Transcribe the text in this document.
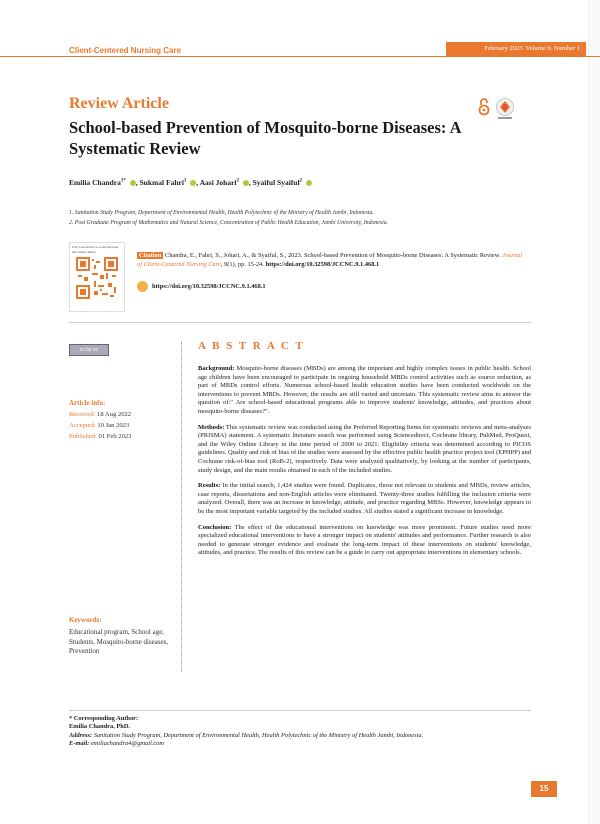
Client-Centered Nursing Care	February 2023. Volume 9. Number 1
Review Article
School-based Prevention of Mosquito-borne Diseases: A Systematic Review
Emilia Chandra$^{1*}$ , Sukmal Fahri$^1$ , Aasi Johari$^2$ , Syaiful Syaiful$^2$
1. Sanitation Study Program, Department of Environmental Health, Health Polytechnic of the Ministry of Health Jambi, Indonesia.
2. Post Graduate Program of Mathematics and Natural Science, Concentration of Public Health Education, Jambi University, Indonesia.
Use your device to scan and read the article online
Citation Chandra, E., Fahri, S., Johari, A., & Syaiful, S., 2023. School-based Prevention of Mosquito-borne Diseases: A Systematic Review. Journal of Client-Centered Nursing Care, 9(1), pp. 15-24. https://doi.org/10.32598/JCCNC.9.1.468.1
https://doi.org/10.32598/JCCNC.9.1.468.1
cc by nc
Article info:
Received: 18 Aug 2022
Accepted: 10 Jan 2023
Published: 01 Feb 2023
Keywords:
Educational program, School age, Students, Mosquito-borne diseases, Prevention
A B S T R A C T

Background: Mosquito-borne diseases (MBDs) are among the important and highly complex issues in public health. School age children have been encouraged to participate in ongoing household MBDs control activities such as source reduction, as part of MBDs control efforts. Numerous school-based health education studies have been conducted worldwide on the interventions to prevent MBDs. However, the results are still varied and uncertain. This systematic review aims to answer the question of:" Are school-based educational programs able to improve students' knowledge, attitudes, and practices about mosquito-borne diseases?".

Methods: This systematic review was conducted using the Preferred Reporting Items for systematic reviews and meta-analyses (PRISMA) statement. A systematic literature search was performed using Sciencedirect, Cochrane library, PubMed, ProQuest, and the Wiley Online Library in the time period of 2000 to 2021. Eligibility criteria was determined according to PICOS guidelines. Quality and risk of bias of the studies were assessed by the effective public health practice project tool (EPHPP) and Cochrane risk-of-bias tool (RoB-2), respectively. Data were analyzed qualitatively, by looking at the number of participants, study design, and the main results obtained in each of the included studies.

Results: In the initial search, 1,424 studies were found. Duplicates, those not relevant to students and MBDs, review articles, case reports, dissertations and non-English articles were eliminated. Twenty-three studies fulfilling the inclusion criteria were analyzed. Overall, there was an increase in knowledge, attitude, and practice regarding MBSs. However, knowledge appears to be the most important variable targeted by the included studies. All studies stated a significant increase in knowledge.

Conclusion: The effect of the educational interventions on knowledge was more prominent. Future studies need more specialized educational interventions to have a stronger impact on students' attitudes and performance. Further research is also needed to generate stronger evidence and evaluate the long-term impact of these interventions on students' knowledge, attitudes, and practice. The results of this review can be a guide to carry out appropriate interventions in elementary schools.

* Corresponding Author:
Emilia Chandra, PhD.
Address: Sanitation Study Program, Department of Environmental Health, Health Polytechnic of the Ministry of Health Jambi, Indonesia.
E-mail: emiliachandra4@gmail.com
15
